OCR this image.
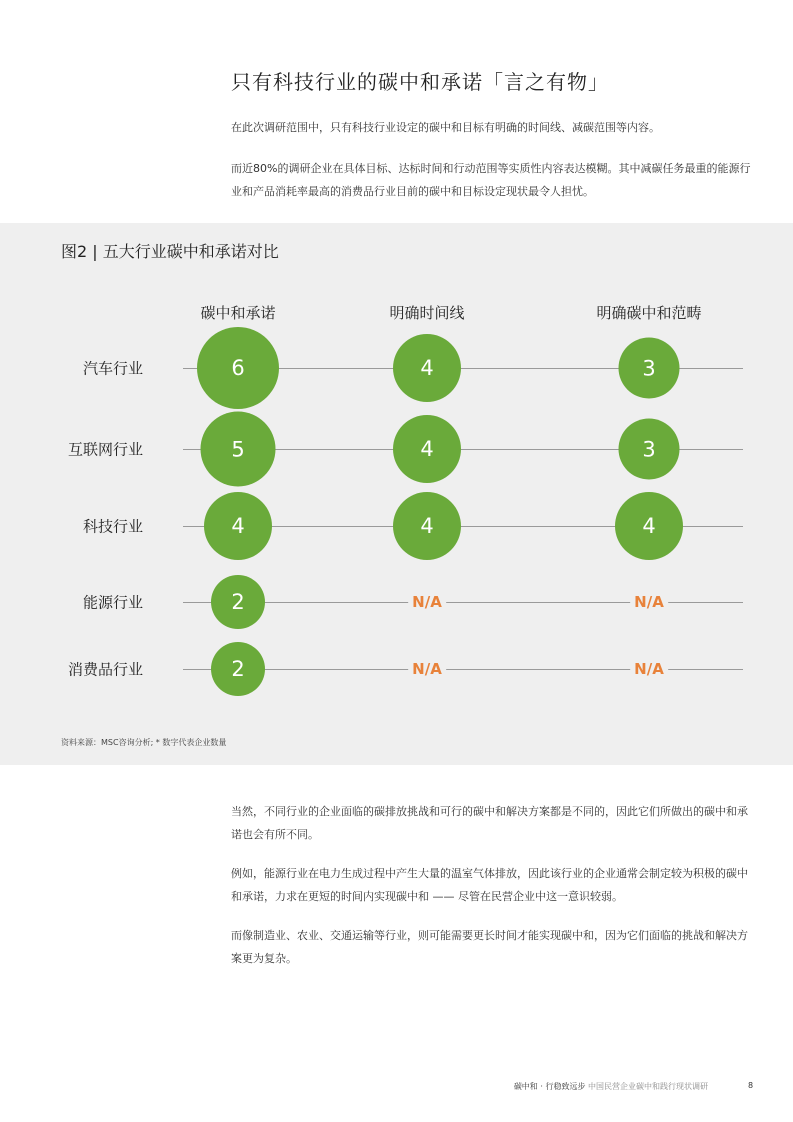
只有科技行业的碳中和承诺「言之有物」

在此次调研范围中，只有科技行业设定的碳中和目标有明确的时间线、减碳范围等内容。

而近80%的调研企业在具体目标、达标时间和行动范围等实质性内容表达模糊。其中减碳任务最重的能源行业和产品消耗率最高的消费品行业目前的碳中和目标设定现状最令人担忧。

图2 | 五大行业碳中和承诺对比
碳中和承诺	明确时间线	明确碳中和范畴
汽车行业	6	4	3
互联网行业	5	4	3
科技行业	4	4	4
能源行业	2	N/A	N/A
消费品行业	2	N/A	N/A

资料来源：MSC咨询分析; * 数字代表企业数量

当然，不同行业的企业面临的碳排放挑战和可行的碳中和解决方案都是不同的，因此它们所做出的碳中和承诺也会有所不同。

例如，能源行业在电力生成过程中产生大量的温室气体排放，因此该行业的企业通常会制定较为积极的碳中和承诺，力求在更短的时间内实现碳中和 —— 尽管在民营企业中这一意识较弱。

而像制造业、农业、交通运输等行业，则可能需要更长时间才能实现碳中和，因为它们面临的挑战和解决方案更为复杂。

碳中和 · 行稳致远步 中国民营企业碳中和践行现状调研	8
